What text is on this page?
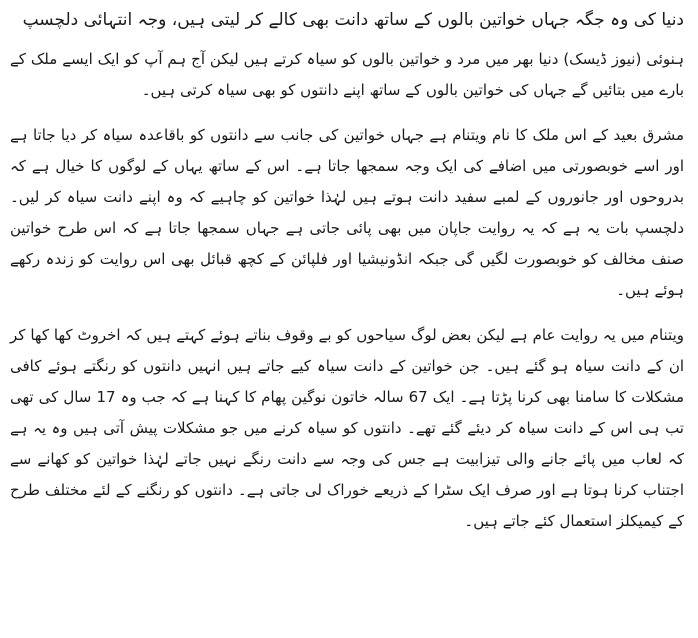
دنیا کی وہ جگہ جہاں خواتین بالوں کے ساتھ دانت بھی کالے کر لیتی ہیں، وجہ انتہائی دلچسپ

ہنوئی (نیوز ڈیسک) دنیا بھر میں مرد و خواتین بالوں کو سیاہ کرتے ہیں لیکن آج ہم آپ کو ایک ایسے ملک کے بارے میں بتائیں گے جہاں کی خواتین بالوں کے ساتھ اپنے دانتوں کو بھی سیاہ کرتی ہیں۔

مشرق بعید کے اس ملک کا نام ویتنام ہے جہاں خواتین کی جانب سے دانتوں کو باقاعدہ سیاہ کر دیا جاتا ہے اور اسے خوبصورتی میں اضافے کی ایک وجہ سمجھا جاتا ہے۔ اس کے ساتھ یہاں کے لوگوں کا خیال ہے کہ بدروحوں اور جانوروں کے لمبے سفید دانت ہوتے ہیں لہٰذا خواتین کو چاہیے کہ وہ اپنے دانت سیاہ کر لیں۔ دلچسپ بات یہ ہے کہ یہ روایت جاپان میں بھی پائی جاتی ہے جہاں سمجھا جاتا ہے کہ اس طرح خواتین صنف مخالف کو خوبصورت لگیں گی جبکہ انڈونیشیا اور فلپائن کے کچھ قبائل بھی اس روایت کو زندہ رکھے ہوئے ہیں۔

ویتنام میں یہ روایت عام ہے لیکن بعض لوگ سیاحوں کو بے وقوف بناتے ہوئے کہتے ہیں کہ اخروٹ کھا کھا کر ان کے دانت سیاہ ہو گئے ہیں۔ جن خواتین کے دانت سیاہ کیے جاتے ہیں انہیں دانتوں کو رنگتے ہوئے کافی مشکلات کا سامنا بھی کرنا پڑتا ہے۔ ایک 67 سالہ خاتون نوگین پھام کا کہنا ہے کہ جب وہ 17 سال کی تھی تب ہی اس کے دانت سیاہ کر دیئے گئے تھے۔ دانتوں کو سیاہ کرنے میں جو مشکلات پیش آتی ہیں وہ یہ ہے کہ لعاب میں پائے جانے والی تیزابیت ہے جس کی وجہ سے دانت رنگے نہیں جاتے لہٰذا خواتین کو کھانے سے اجتناب کرنا ہوتا ہے اور صرف ایک سٹرا کے ذریعے خوراک لی جاتی ہے۔ دانتوں کو رنگنے کے لئے مختلف طرح کے کیمیکلز استعمال کئے جاتے ہیں۔
